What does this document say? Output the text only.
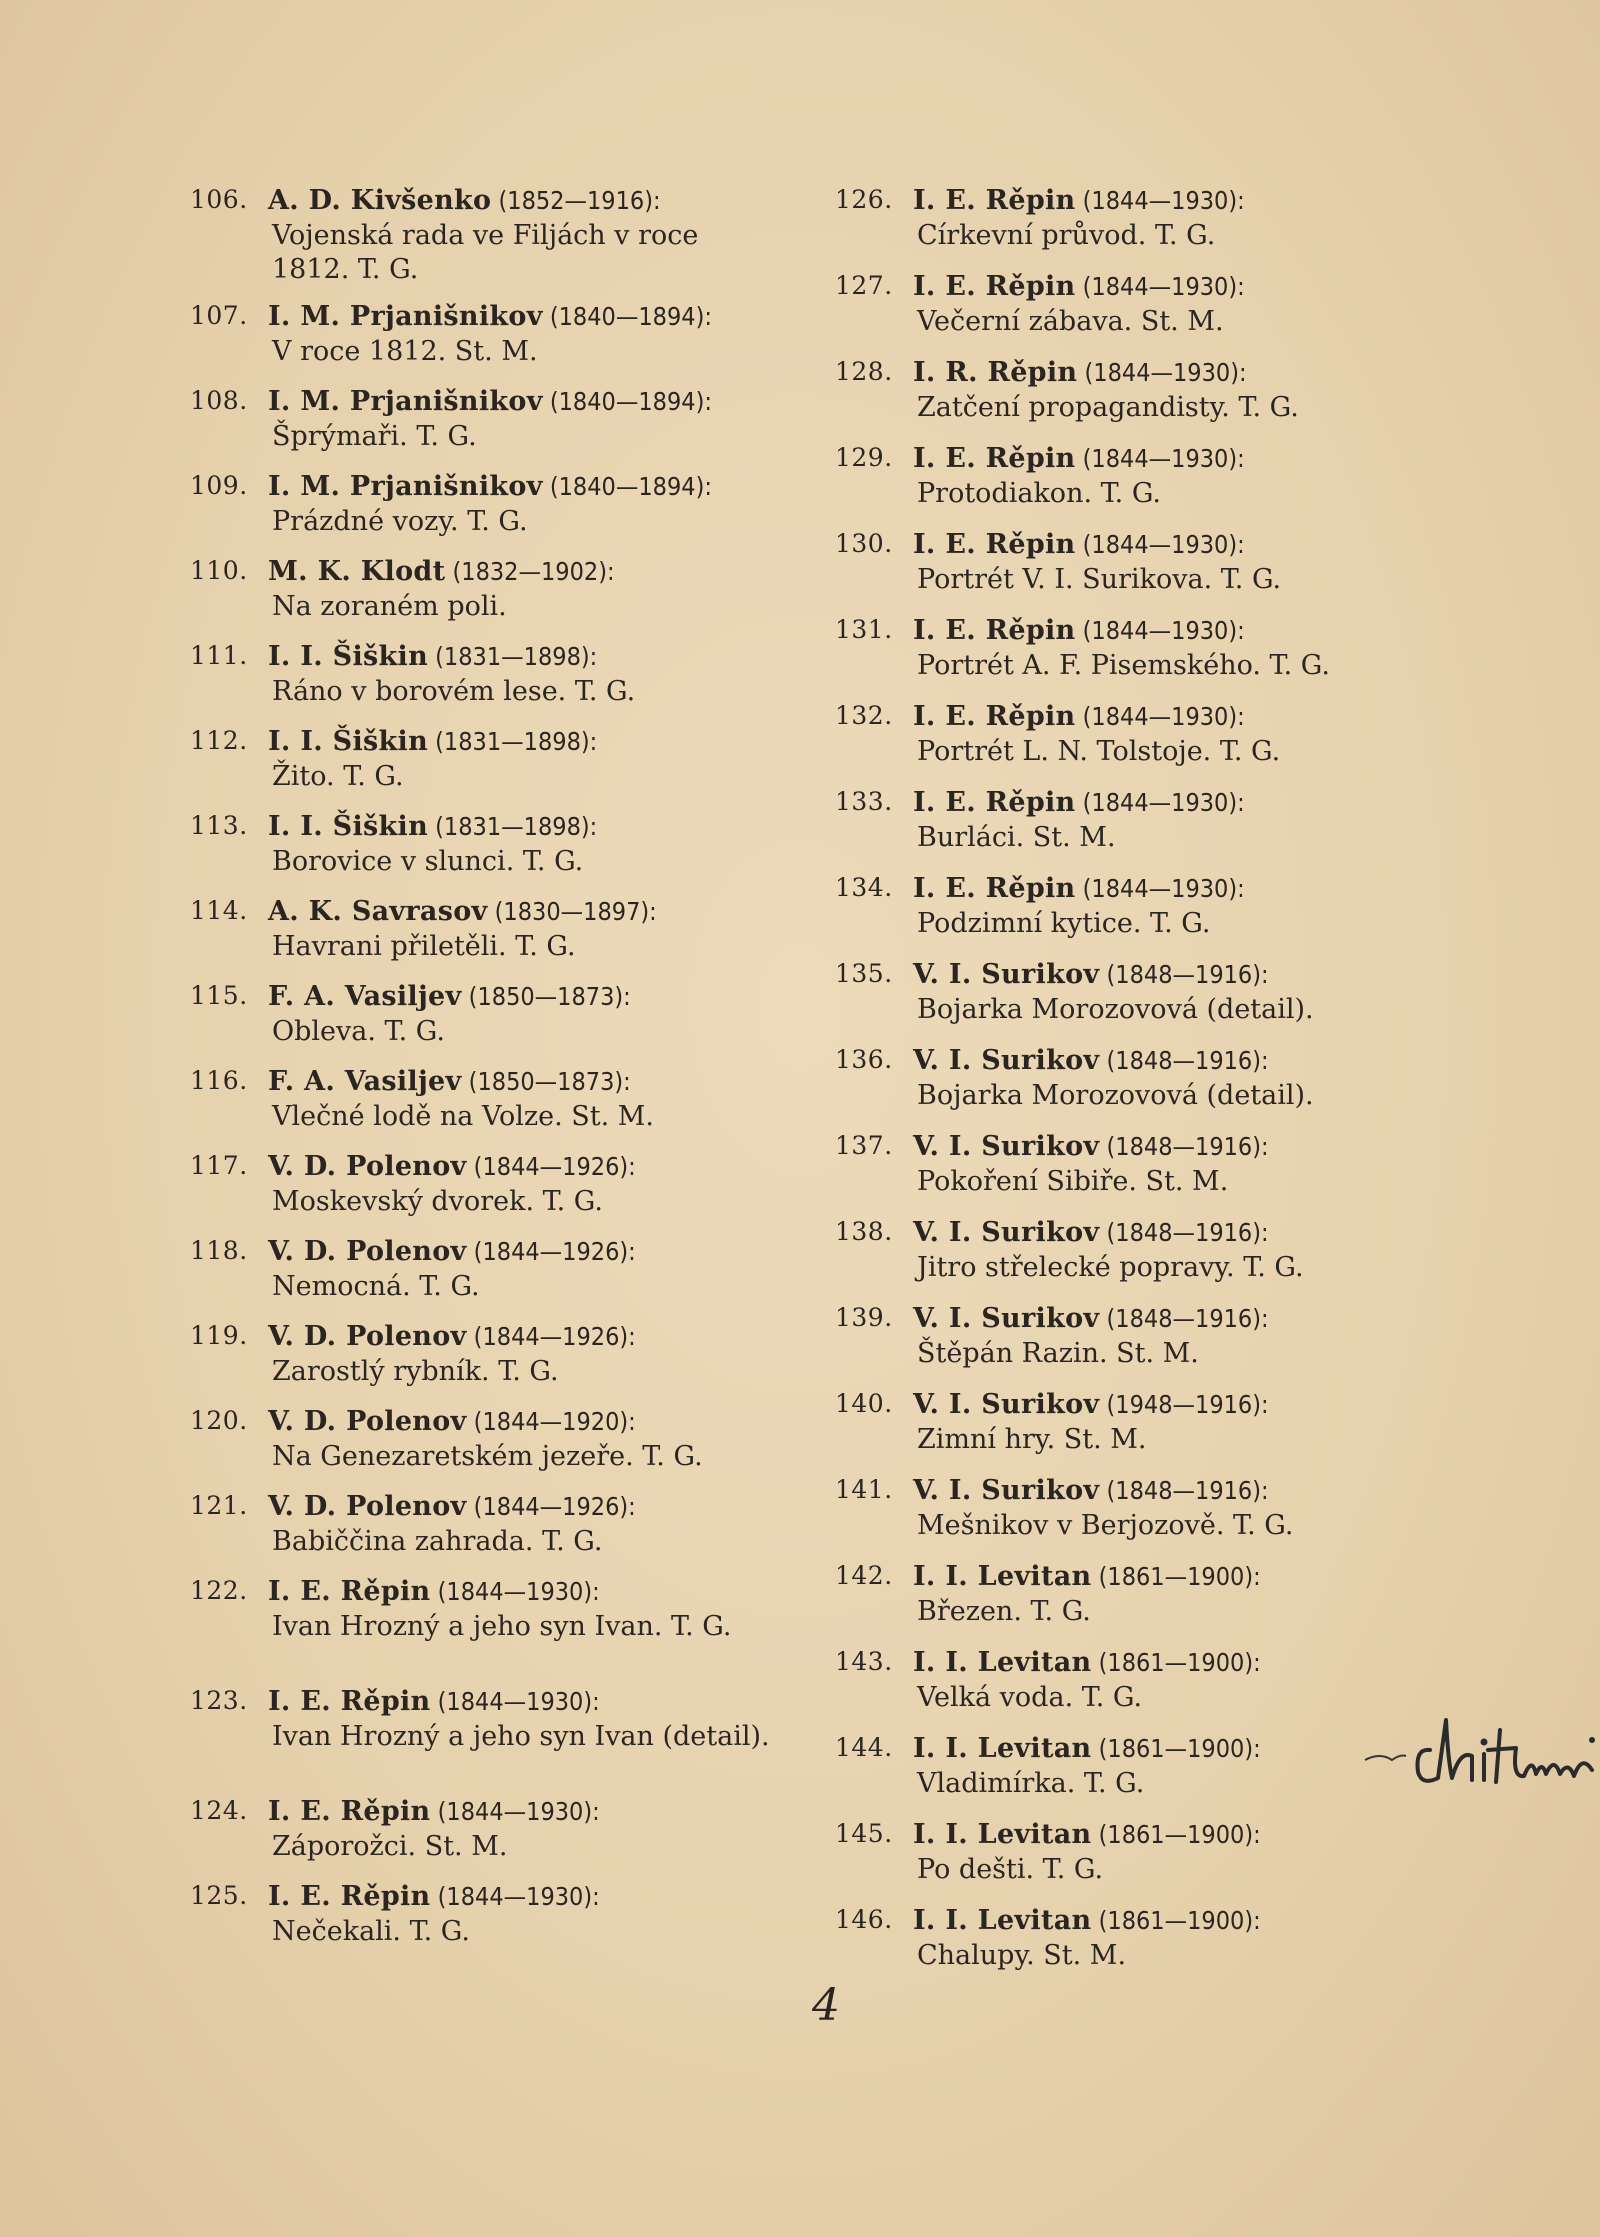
106. A. D. Kivšenko (1852—1916):
Vojenská rada ve Filjách v roce 1812. T. G.
107. I. M. Prjanišnikov (1840—1894):
V roce 1812. St. M.
108. I. M. Prjanišnikov (1840—1894):
Šprýmaři. T. G.
109. I. M. Prjanišnikov (1840—1894):
Prázdné vozy. T. G.
110. M. K. Klodt (1832—1902):
Na zoraném poli.
111. I. I. Šiškin (1831—1898):
Ráno v borovém lese. T. G.
112. I. I. Šiškin (1831—1898):
Žito. T. G.
113. I. I. Šiškin (1831—1898):
Borovice v slunci. T. G.
114. A. K. Savrasov (1830—1897):
Havrani přiletěli. T. G.
115. F. A. Vasiljev (1850—1873):
Obleva. T. G.
116. F. A. Vasiljev (1850—1873):
Vlečné lodě na Volze. St. M.
117. V. D. Polenov (1844—1926):
Moskevský dvorek. T. G.
118. V. D. Polenov (1844—1926):
Nemocná. T. G.
119. V. D. Polenov (1844—1926):
Zarostlý rybník. T. G.
120. V. D. Polenov (1844—1920):
Na Genezaretském jezeře. T. G.
121. V. D. Polenov (1844—1926):
Babiččina zahrada. T. G.
122. I. E. Rěpin (1844—1930):
Ivan Hrozný a jeho syn Ivan. T. G.
123. I. E. Rěpin (1844—1930):
Ivan Hrozný a jeho syn Ivan (detail).
124. I. E. Rěpin (1844—1930):
Záporožci. St. M.
125. I. E. Rěpin (1844—1930):
Nečekali. T. G.
126. I. E. Rěpin (1844—1930):
Církevní průvod. T. G.
127. I. E. Rěpin (1844—1930):
Večerní zábava. St. M.
128. I. R. Rěpin (1844—1930):
Zatčení propagandisty. T. G.
129. I. E. Rěpin (1844—1930):
Protodiakon. T. G.
130. I. E. Rěpin (1844—1930):
Portrét V. I. Surikova. T. G.
131. I. E. Rěpin (1844—1930):
Portrét A. F. Pisemského. T. G.
132. I. E. Rěpin (1844—1930):
Portrét L. N. Tolstoje. T. G.
133. I. E. Rěpin (1844—1930):
Burláci. St. M.
134. I. E. Rěpin (1844—1930):
Podzimní kytice. T. G.
135. V. I. Surikov (1848—1916):
Bojarka Morozovová (detail).
136. V. I. Surikov (1848—1916):
Bojarka Morozovová (detail).
137. V. I. Surikov (1848—1916):
Pokoření Sibiře. St. M.
138. V. I. Surikov (1848—1916):
Jitro střelecké popravy. T. G.
139. V. I. Surikov (1848—1916):
Štěpán Razin. St. M.
140. V. I. Surikov (1948—1916):
Zimní hry. St. M.
141. V. I. Surikov (1848—1916):
Mešnikov v Berjozově. T. G.
142. I. I. Levitan (1861—1900):
Březen. T. G.
143. I. I. Levitan (1861—1900):
Velká voda. T. G.
144. I. I. Levitan (1861—1900):
Vladimírka. T. G.
145. I. I. Levitan (1861—1900):
Po dešti. T. G.
146. I. I. Levitan (1861—1900):
Chalupy. St. M.
4
